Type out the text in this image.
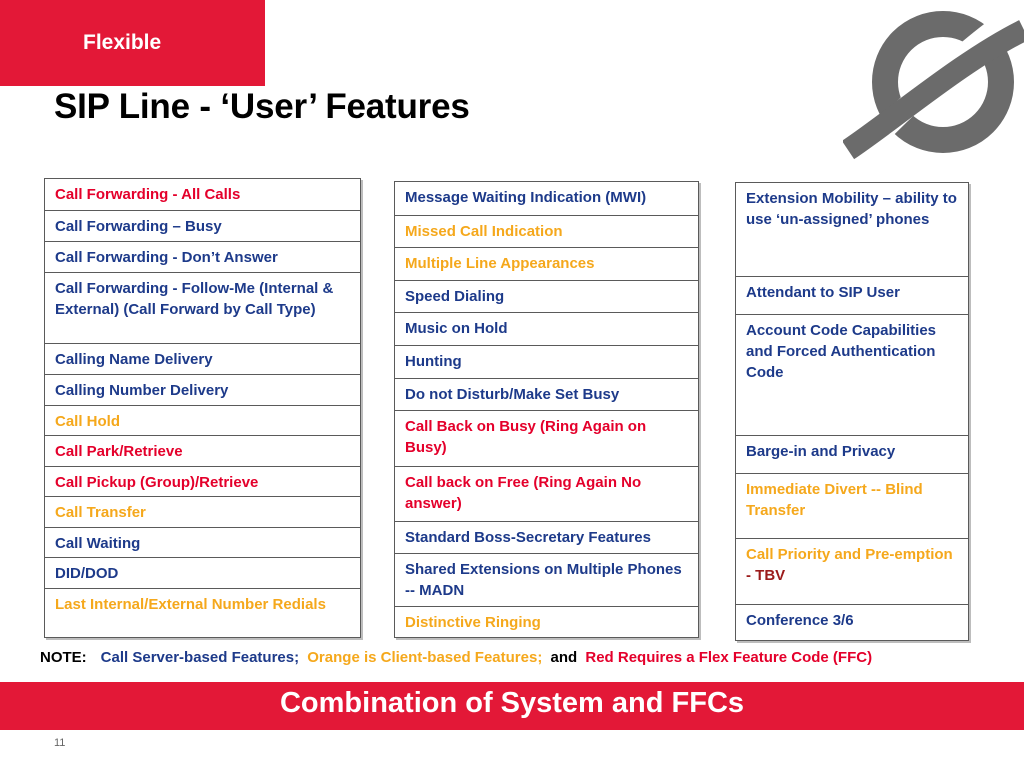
Flexible
SIP Line - ‘User’ Features
Call Forwarding - All Calls
Call Forwarding – Busy
Call Forwarding - Don’t Answer
Call Forwarding - Follow-Me (Internal & External) (Call Forward by Call Type)
Calling Name Delivery
Calling Number Delivery
Call Hold
Call Park/Retrieve
Call Pickup (Group)/Retrieve
Call Transfer
Call Waiting
DID/DOD
Last Internal/External Number Redials
Message Waiting Indication (MWI)
Missed Call Indication
Multiple Line Appearances
Speed Dialing
Music on Hold
Hunting
Do not Disturb/Make Set Busy
Call Back on Busy (Ring Again on Busy)
Call back on Free (Ring Again No answer)
Standard Boss-Secretary Features
Shared Extensions on Multiple Phones -- MADN
Distinctive Ringing
Extension Mobility – ability to use ‘un-assigned’ phones
Attendant to SIP User
Account Code Capabilities and Forced Authentication Code
Barge-in and Privacy
Immediate Divert -- Blind Transfer
Call Priority and Pre-emption - TBV
Conference 3/6
NOTE: Call Server-based Features; Orange is Client-based Features; and Red Requires a Flex Feature Code (FFC)
Combination of System and FFCs
11
